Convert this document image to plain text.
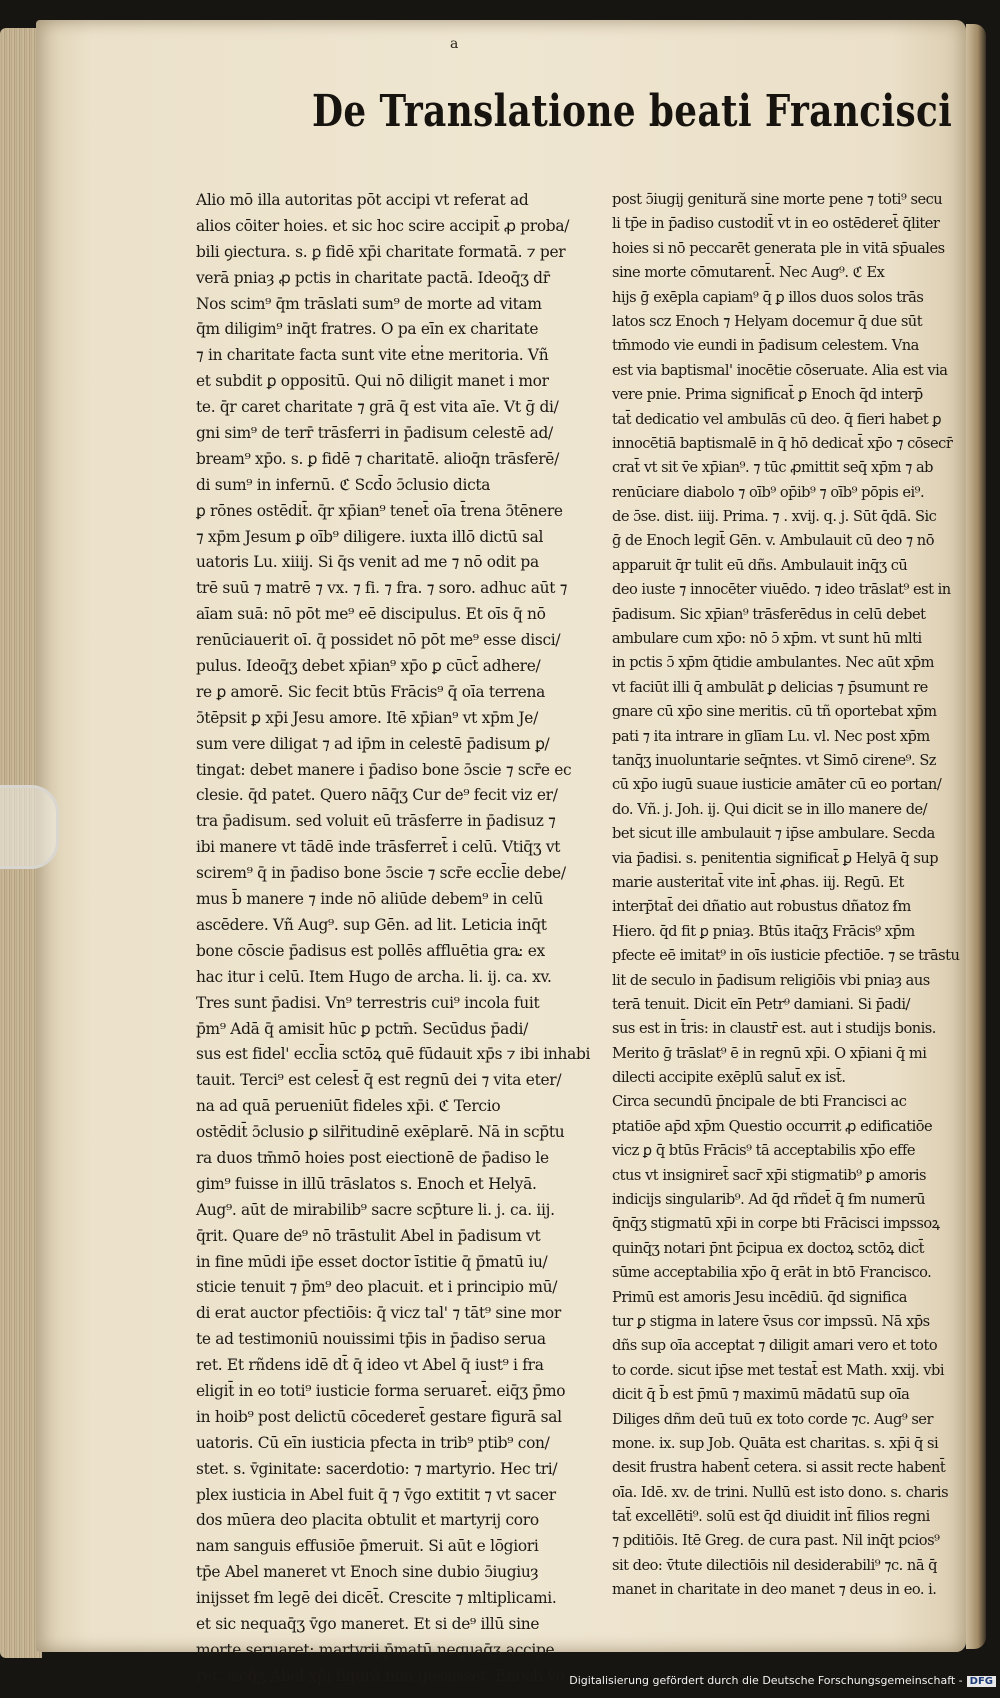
a
De Translatione beati Francisci
Alio mō illa autoritas pōt accipi vt referat ad
alios cōiter hoies. et sic hoc scire accipit̄ ꝓ proba/
bili ꝯiectura. s. ꝑ fidē xp̄i charitate formatā. ⁊ per
verā pniaȝ ꝓ pctis in charitate pactā. Ideoq̄ʒ dr̄
Nos scim⁹ q̄m trāslati sum⁹ de morte ad vitam
q̄m diligim⁹ inq̄t fratres. O pa eīn ex charitate
⁊ in charitate facta sunt vite eṫne meritoria. Vñ
et subdit ꝑ oppositū. Qui nō diligit manet i mor
te. q̄r caret charitate ⁊ grā q̄ est vita aīe. Vt ḡ di/
gni sim⁹ de terr̄ trāsferri in p̄adisum celestē ad/
bream⁹ xp̄o. s. ꝑ fidē ⁊ charitatē. alioq̄n trāsferē/
di sum⁹ in infernū. ℭ Scd̄o ɔ̄clusio dicta
ꝑ rōnes ostēdit̄. q̄r xp̄ian⁹ tenet̄ oīa t̄rena ɔ̄tēnere
⁊ xp̄m Jesum ꝑ oīb⁹ diligere. iuxta illō dictū sal
uatoris Lu. xiiij. Si q̄s venit ad me ⁊ nō odit pa
trē suū ⁊ matrē ⁊ vx. ⁊ fi. ⁊ fra. ⁊ soro. adhuc aūt ⁊
aīam suā: nō pōt me⁹ eē discipulus. Et oīs q̄ nō
renūciauerit oī. q̄ possidet nō pōt me⁹ esse disci/
pulus. Ideoq̄ʒ debet xp̄ian⁹ xp̄o ꝑ cūct̄ adhere/
re ꝑ amorē. Sic fecit btūs Frācis⁹ q̄ oīa terrena
ɔ̄tēpsit ꝑ xp̄i Jesu amore. Itē xp̄ian⁹ vt xp̄m Je/
sum vere diligat ⁊ ad ip̄m in celestē p̄adisum ꝑ/
tingat: debet manere i p̄adiso bone ɔ̄scie ⁊ scr̄e ec
clesie. q̄d patet. Quero nāq̄ʒ Cur de⁹ fecit viz er/
tra p̄adisum. sed voluit eū trāsferre in p̄adisuz ⁊
ibi manere vt tādē inde trāsferret̄ i celū. Vtiq̄ʒ vt
scirem⁹ q̄ in p̄adiso bone ɔ̄scie ⁊ scr̄e eccl̄ie debe/
mus b̄ manere ⁊ inde nō aliūde debem⁹ in celū
ascēdere. Vñ Aug⁹. sup Gēn. ad lit. Leticia inq̄t
bone cōscie p̄adisus est pollēs affluētia gra꜡: ex
hac itur i celū. Item Hugo de archa. li. ij. ca. xv.
Tres sunt p̄adisi. Vn⁹ terrestris cui⁹ incola fuit
p̄m⁹ Adā q̄ amisit hūc ꝑ pctm̄. Secūdus p̄adi/
sus est fidel' eccl̄ia sctōꝝ quē fūdauit xp̄s ⁊ ibi inhabi
tauit. Terci⁹ est celest̄ q̄ est regnū dei ⁊ vita eter/
na ad quā perueniūt fideles xp̄i. ℭ Tercio
ostēdit̄ ɔ̄clusio ꝑ silr̄itudinē exēplarē. Nā in scp̄tu
ra duos tm̄mō hoies post eiectionē de p̄adiso le
gim⁹ fuisse in illū trāslatos s. Enoch et Helyā.
Aug⁹. aūt de mirabilib⁹ sacre scp̄ture li. j. ca. iij.
q̄rit. Quare de⁹ nō trāstulit Abel in p̄adisum vt
in fine mūdi ip̄e esset doctor īstitie q̄ p̄matū iu/
sticie tenuit ⁊ p̄m⁹ deo placuit. et i principio mū/
di erat auctor pfectiōis: q̄ vicz tal' ⁊ tāt⁹ sine mor
te ad testimoniū nouissimi tp̄is in p̄adiso serua
ret. Et rñdens idē dt̄ q̄ ideo vt Abel q̄ iust⁹ i fra
eligit̄ in eo toti⁹ iusticie forma seruaret̄. eiq̄ʒ p̄mo
in hoib⁹ post delictū cōcederet̄ gestare figurā sal
uatoris. Cū eīn iusticia pfecta in trib⁹ ptib⁹ con/
stet. s. v̄ginitate: sacerdotio: ⁊ martyrio. Hec tri/
plex iusticia in Abel fuit q̄ ⁊ v̄go extitit ⁊ vt sacer
dos mūera deo placita obtulit et martyrij coro
nam sanguis effusiōe p̄meruit. Si aūt e lōgiori
tp̄e Abel maneret vt Enoch sine dubio ɔ̄iugiuȝ
inijsset ẜm legē dei dicēt̄. Crescite ⁊ mltiplicami.
et sic nequaq̄ʒ v̄go maneret. Et si de⁹ illū sine
morte seruaret: martyrij p̄matū nequaq̄ʒ accipe
ret. sicq̄ʒ Abel xp̄i figurā non gessisset. Enoch v̄o
post ɔ̄iugij genitură sine morte pene ⁊ toti⁹ secu
li tp̄e in p̄adiso custodit̄ vt in eo ostēderet̄ q̄liter
hoies si nō peccarēt generata ple in vitā sp̄uales
sine morte cōmutarent̄. Nec Aug⁹. ℭ Ex
hijs ḡ exēpla capiam⁹ q̄ ꝑ illos duos solos trās
latos scz Enoch ⁊ Helyam docemur q̄ due sūt
tm̄modo vie eundi in p̄adisum celestem. Vna
est via baptismal' inocētie cōseruate. Alia est via
vere pnie. Prima significat̄ ꝑ Enoch q̄d interp̄
tat̄ dedicatio vel ambulās cū deo. q̄ fieri habet ꝑ
innocētiā baptismalē in q̄ hō dedicat̄ xp̄o ⁊ cōsecr̄
crat̄ vt sit v̄e xp̄ian⁹. ⁊ tūc ꝓmittit seq̄ xp̄m ⁊ ab
renūciare diabolo ⁊ oīb⁹ op̄ib⁹ ⁊ oīb⁹ pōpis ei⁹.
de ɔ̄se. dist. iiij. Prima. ⁊ . xvij. q. j. Sūt q̄dā. Sic
ḡ de Enoch legit̄ Gēn. v. Ambulauit cū deo ⁊ nō
apparuit q̄r tulit eū dñs. Ambulauit inq̄ʒ cū
deo iuste ⁊ innocēter viuēdo. ⁊ ideo trāslat⁹ est in
p̄adisum. Sic xp̄ian⁹ trāsferēdus in celū debet
ambulare cum xp̄o: nō ɔ̄ xp̄m. vt sunt hū mlti
in pctis ɔ̄ xp̄m q̄tidie ambulantes. Nec aūt xp̄m
vt faciūt illi q̄ ambulāt ꝑ delicias ⁊ p̄sumunt re
gnare cū xp̄o sine meritis. cū tñ oportebat xp̄m
pati ⁊ ita intrare in glīam Lu. vl. Nec post xp̄m
tanq̄ʒ inuoluntarie seq̄ntes. vt Simō cirene⁹. Sz
cū xp̄o iugū suaue iusticie amāter cū eo portan/
do. Vñ. j. Joh. ij. Qui dicit se in illo manere de/
bet sicut ille ambulauit ⁊ ip̄se ambulare. Secda
via p̄adisi. s. penitentia significat̄ ꝑ Helyā q̄ sup
marie austeritat̄ vite int̄ ꝓhas. iij. Regū. Et
interp̄tat̄ dei dñatio aut robustus dñatoz ẜm
Hiero. q̄d fit ꝑ pniaȝ. Btūs itaq̄ʒ Frācis⁹ xp̄m
pfecte eē imitat⁹ in oīs iusticie pfectiōe. ⁊ se trāstu
lit de seculo in p̄adisum religiōis vbi pniaȝ aus
terā tenuit. Dicit eīn Petr⁹ damiani. Si p̄adi/
sus est in t̄ris: in claustr̄ est. aut i studijs bonis.
Merito ḡ trāslat⁹ ē in regnū xp̄i. O xp̄iani q̄ mi
dilecti accipite exēplū salut̄ ex ist̄.
Circa secundū p̄ncipale de bti Francisci ac
ptatiōe ap̄d xp̄m Questio occurrit ꝓ edificatiōe
vicz ꝑ q̄ btūs Frācis⁹ tā acceptabilis xp̄o effe
ctus vt insigniret̄ sacr̄ xp̄i stigmatib⁹ ꝑ amoris
indicijs singularib⁹. Ad q̄d rñdet̄ q̄ ẜm numerū
q̄nq̄ʒ stigmatū xp̄i in corpe bti Frācisci impssoꝝ
quinq̄ʒ notari p̄nt p̄cipua ex doctoꝝ sctōꝝ dict̄
sūme acceptabilia xp̄o q̄ erāt in btō Francisco.
Primū est amoris Jesu incēdiū. q̄d significa
tur ꝑ stigma in latere v̄sus cor impssū. Nā xp̄s
dñs sup oīa acceptat ⁊ diligit amari vero et toto
to corde. sicut ip̄se met testat̄ est Math. xxij. vbi
dicit q̄ b̄ est p̄mū ⁊ maximū mādatū sup oīa
Diliges dñm deū tuū ex toto corde ⁊c. Aug⁹ ser
mone. ix. sup Job. Quāta est charitas. s. xp̄i q̄ si
desit frustra habent̄ cetera. si assit recte habent̄
oīa. Idē. xv. de trini. Nullū est isto dono. s. charis
tat̄ excellēti⁹. solū est q̄d diuidit int̄ filios regni
⁊ pditiōis. Itē Greg. de cura past. Nil inq̄t pcios⁹
sit deo: v̄tute dilectiōis nil desiderabili⁹ ⁊c. nā q̄
manet in charitate in deo manet ⁊ deus in eo. i.
Digitalisierung gefördert durch die Deutsche Forschungsgemeinschaft - DFG
